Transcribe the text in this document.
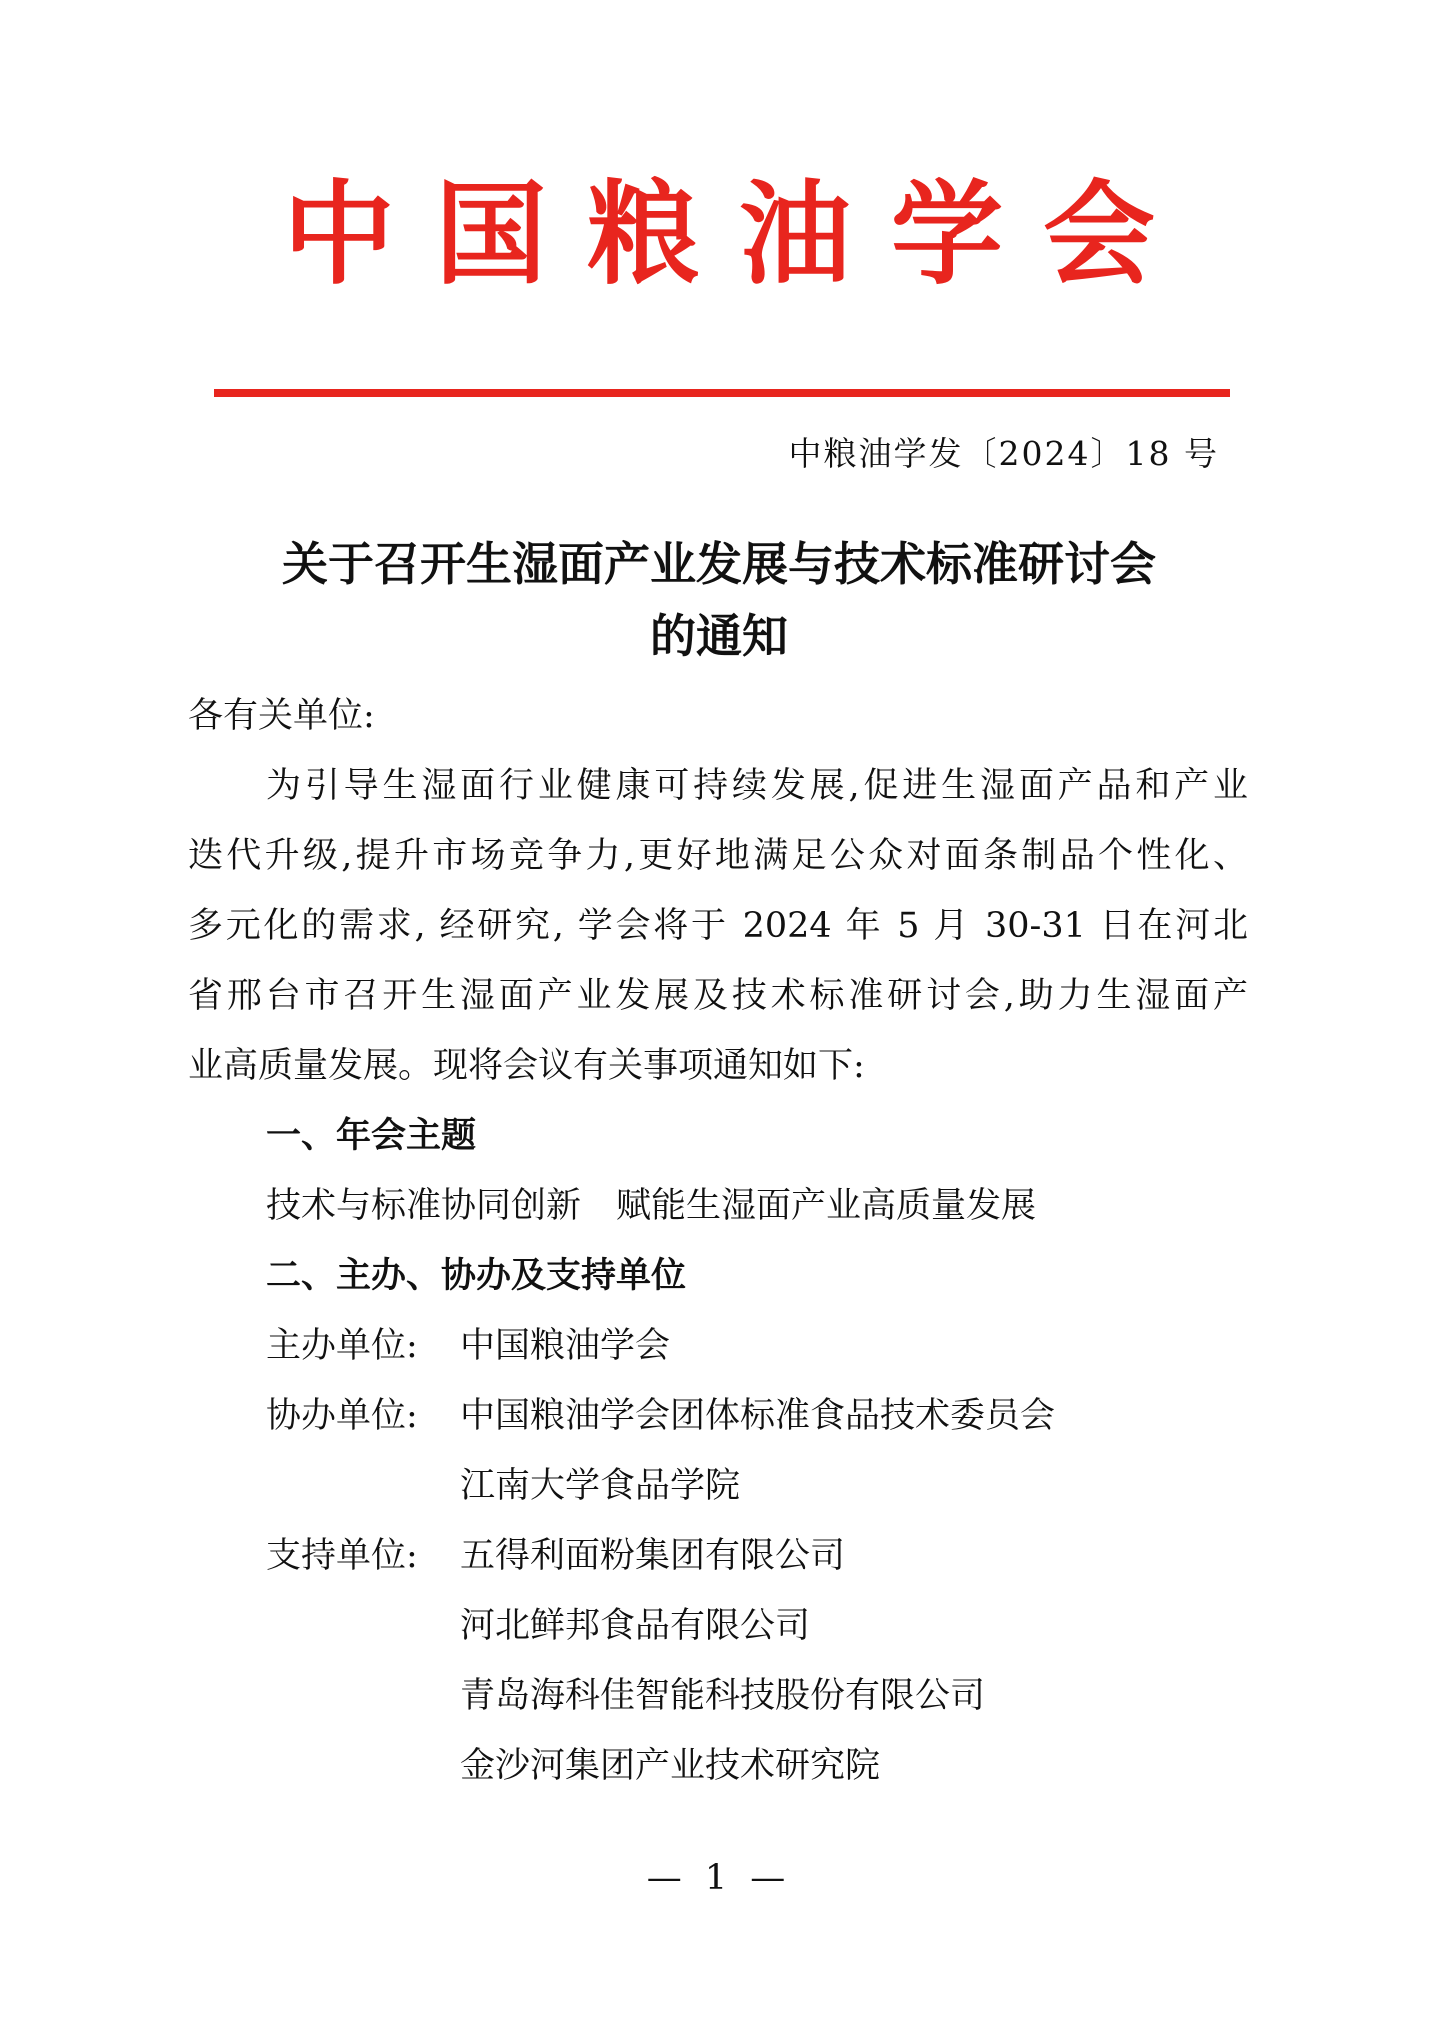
中国粮油学会
中粮油学发〔2024〕18 号
关于召开生湿面产业发展与技术标准研讨会
的通知
各有关单位:
为引导生湿面行业健康可持续发展,促进生湿面产品和产业
迭代升级,提升市场竞争力,更好地满足公众对面条制品个性化、
多元化的需求, 经研究, 学会将于 2024 年 5 月 30-31 日在河北
省邢台市召开生湿面产业发展及技术标准研讨会,助力生湿面产
业高质量发展。现将会议有关事项通知如下:
一、年会主题
技术与标准协同创新　赋能生湿面产业高质量发展
二、主办、协办及支持单位
主办单位: 中国粮油学会
协办单位: 中国粮油学会团体标准食品技术委员会
江南大学食品学院
支持单位: 五得利面粉集团有限公司
河北鲜邦食品有限公司
青岛海科佳智能科技股份有限公司
金沙河集团产业技术研究院
— 1 —
